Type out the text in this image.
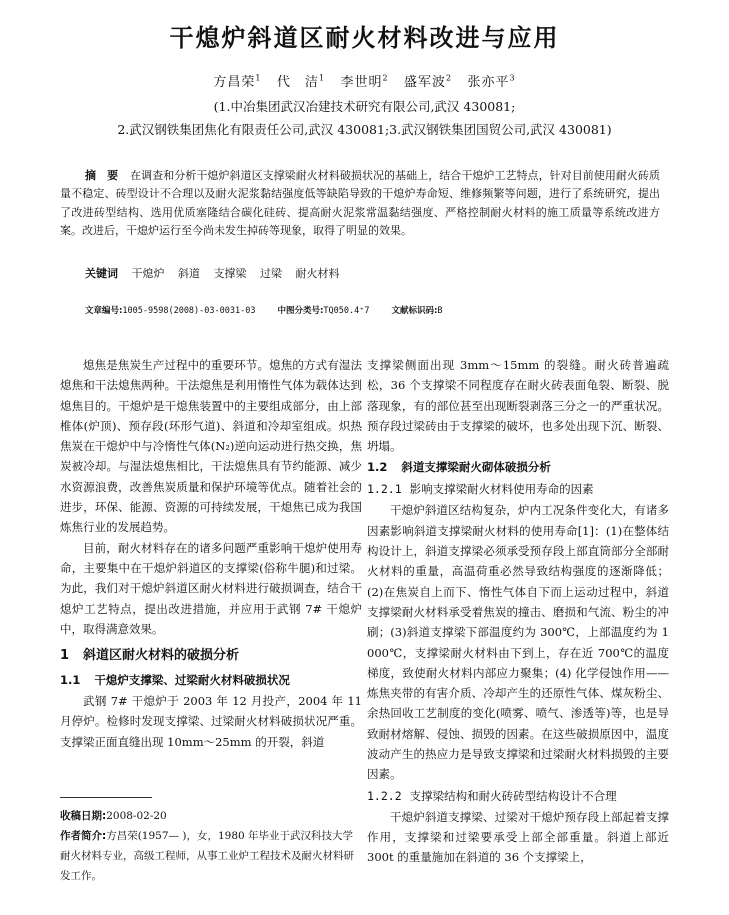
干熄炉斜道区耐火材料改进与应用
方昌荣$^1$ 代　洁$^1$ 李世明$^2$ 盛军波$^2$ 张亦平$^3$
(1.中冶集团武汉冶建技术研究有限公司,武汉 430081;
2.武汉钢铁集团焦化有限责任公司,武汉 430081;3.武汉钢铁集团国贸公司,武汉 430081)
摘　要 在调查和分析干熄炉斜道区支撑梁耐火材料破损状况的基础上，结合干熄炉工艺特点，针对目前使用耐火砖质量不稳定、砖型设计不合理以及耐火泥浆黏结强度低等缺陷导致的干熄炉寿命短、维修频繁等问题，进行了系统研究，提出了改进砖型结构、选用优质塞隆结合碳化硅砖、提高耐火泥浆常温黏结强度、严格控制耐火材料的施工质量等系统改进方案。改进后，干熄炉运行至今尚未发生掉砖等现象，取得了明显的效果。
关键词 干熄炉 斜道 支撑梁 过梁 耐火材料
文章编号:1005-9598(2008)-03-0031-03	中图分类号:TQ050.4⁺7	文献标识码:B

熄焦是焦炭生产过程中的重要环节。熄焦的方式有湿法熄焦和干法熄焦两种。干法熄焦是利用惰性气体为载体达到熄焦目的。干熄炉是干熄焦装置中的主要组成部分，由上部椎体(炉顶)、预存段(环形气道)、斜道和冷却室组成。炽热焦炭在干熄炉中与冷惰性气体(N₂)逆向运动进行热交换，焦炭被冷却。与湿法熄焦相比，干法熄焦具有节约能源、减少水资源浪费，改善焦炭质量和保护环境等优点。随着社会的进步，环保、能源、资源的可持续发展，干熄焦已成为我国炼焦行业的发展趋势。

目前，耐火材料存在的诸多问题严重影响干熄炉使用寿命，主要集中在干熄炉斜道区的支撑梁(俗称牛腿)和过梁。为此，我们对干熄炉斜道区耐火材料进行破损调查，结合干熄炉工艺特点，提出改进措施，并应用于武钢 7# 干熄炉中，取得满意效果。

1 斜道区耐火材料的破损分析
1.1 干熄炉支撑梁、过梁耐火材料破损状况

武钢 7# 干熄炉于 2003 年 12 月投产，2004 年 11 月停炉。检修时发现支撑梁、过梁耐火材料破损状况严重。支撑梁正面直缝出现 10mm～25mm 的开裂，斜道

支撑梁侧面出现 3mm～15mm 的裂缝。耐火砖普遍疏松，36 个支撑梁不同程度存在耐火砖表面龟裂、断裂、脱落现象，有的部位甚至出现断裂剥落三分之一的严重状况。预存段过梁砖由于支撑梁的破坏，也多处出现下沉、断裂、坍塌。

1.2 斜道支撑梁耐火砌体破损分析
1.2.1 影响支撑梁耐火材料使用寿命的因素

干熄炉斜道区结构复杂，炉内工况条件变化大，有诸多因素影响斜道支撑梁耐火材料的使用寿命[1]：(1)在整体结构设计上，斜道支撑梁必须承受预存段上部直筒部分全部耐火材料的重量，高温荷重必然导致结构强度的逐渐降低；(2)在焦炭自上而下、惰性气体自下而上运动过程中，斜道支撑梁耐火材料承受着焦炭的撞击、磨损和气流、粉尘的冲刷；(3)斜道支撑梁下部温度约为 300℃，上部温度约为 1 000℃，支撑梁耐火材料由下到上，存在近 700℃的温度梯度，致使耐火材料内部应力聚集；(4) 化学侵蚀作用——炼焦夹带的有害介质、冷却产生的还原性气体、煤灰粉尘、余热回收工艺制度的变化(喷雾、喷气、渗透等)等，也是导致耐材熔解、侵蚀、损毁的因素。在这些破损原因中，温度波动产生的热应力是导致支撑梁和过梁耐火材料损毁的主要因素。

1.2.2 支撑梁结构和耐火砖砖型结构设计不合理

干熄炉斜道支撑梁、过梁对干熄炉预存段上部起着支撑作用，支撑梁和过梁要承受上部全部重量。斜道上部近 300t 的重量施加在斜道的 36 个支撑梁上，

收稿日期:2008-02-20

作者简介:方昌荣(1957— )，女，1980 年毕业于武汉科技大学耐火材料专业，高级工程师，从事工业炉工程技术及耐火材料研发工作。
